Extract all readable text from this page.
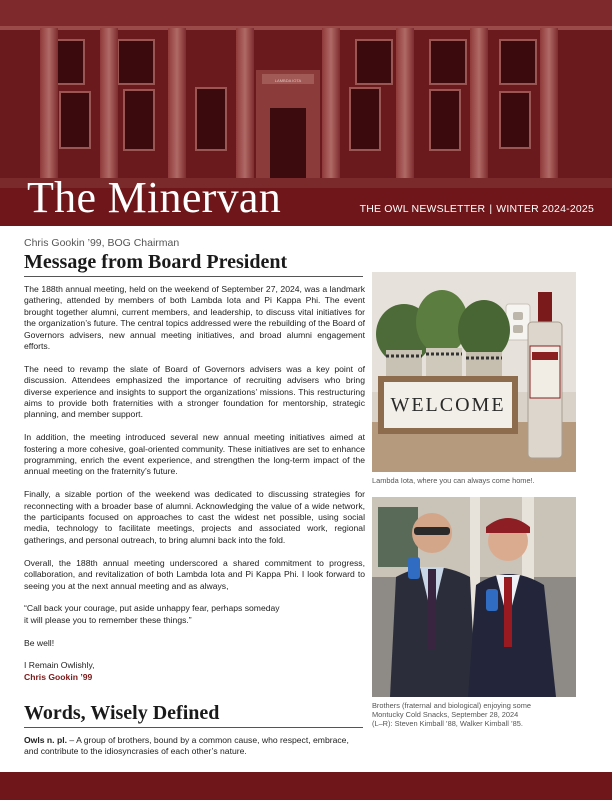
LAMBDA IOTA
The Minervan	THE OWL NEWSLETTER | WINTER 2024-2025
Chris Gookin ’99, BOG Chairman
Message from Board President

The 188th annual meeting, held on the weekend of September 27, 2024, was a landmark gathering, attended by members of both Lambda Iota and Pi Kappa Phi. The event brought together alumni, current members, and leadership, to discuss vital initiatives for the organization’s future. The central topics addressed were the rebuilding of the Board of Governors advisers, new annual meeting initiatives, and broad alumni engagement efforts.

The need to revamp the slate of Board of Governors advisers was a key point of discussion. Attendees emphasized the importance of recruiting advisers who bring diverse experience and insights to support the organizations’ missions. This restructuring aims to provide both fraternities with a stronger foundation for mentorship, strategic planning, and member support.

In addition, the meeting introduced several new annual meeting initiatives aimed at fostering a more cohesive, goal-oriented community. These initiatives are set to enhance programming, enrich the event experience, and strengthen the long-term impact of the annual meeting on the fraternity’s future.

Finally, a sizable portion of the weekend was dedicated to discussing strategies for reconnecting with a broader base of alumni. Acknowledging the value of a wide network, the participants focused on approaches to cast the widest net possible, using social media, technology to facilitate meetings, projects and associated work, regional gatherings, and personal outreach, to bring alumni back into the fold.

Overall, the 188th annual meeting underscored a shared commitment to progress, collaboration, and revitalization of both Lambda Iota and Pi Kappa Phi. I look forward to seeing you at the next annual meeting and as always,

“Call back your courage, put aside unhappy fear, perhaps someday

it will please you to remember these things.”

Be well!

I Remain Owlishly,

Chris Gookin ’99

Words, Wisely Defined
Owls n. pl. – A group of brothers, bound by a common cause, who respect, embrace, and contribute to the idiosyncrasies of each other’s nature.
WELCOME
Lambda Iota, where you can always come home!.
Brothers (fraternal and biological) enjoying some
Montucky Cold Snacks, September 28, 2024
(L–R): Steven Kimball ’88, Walker Kimball ’85.
